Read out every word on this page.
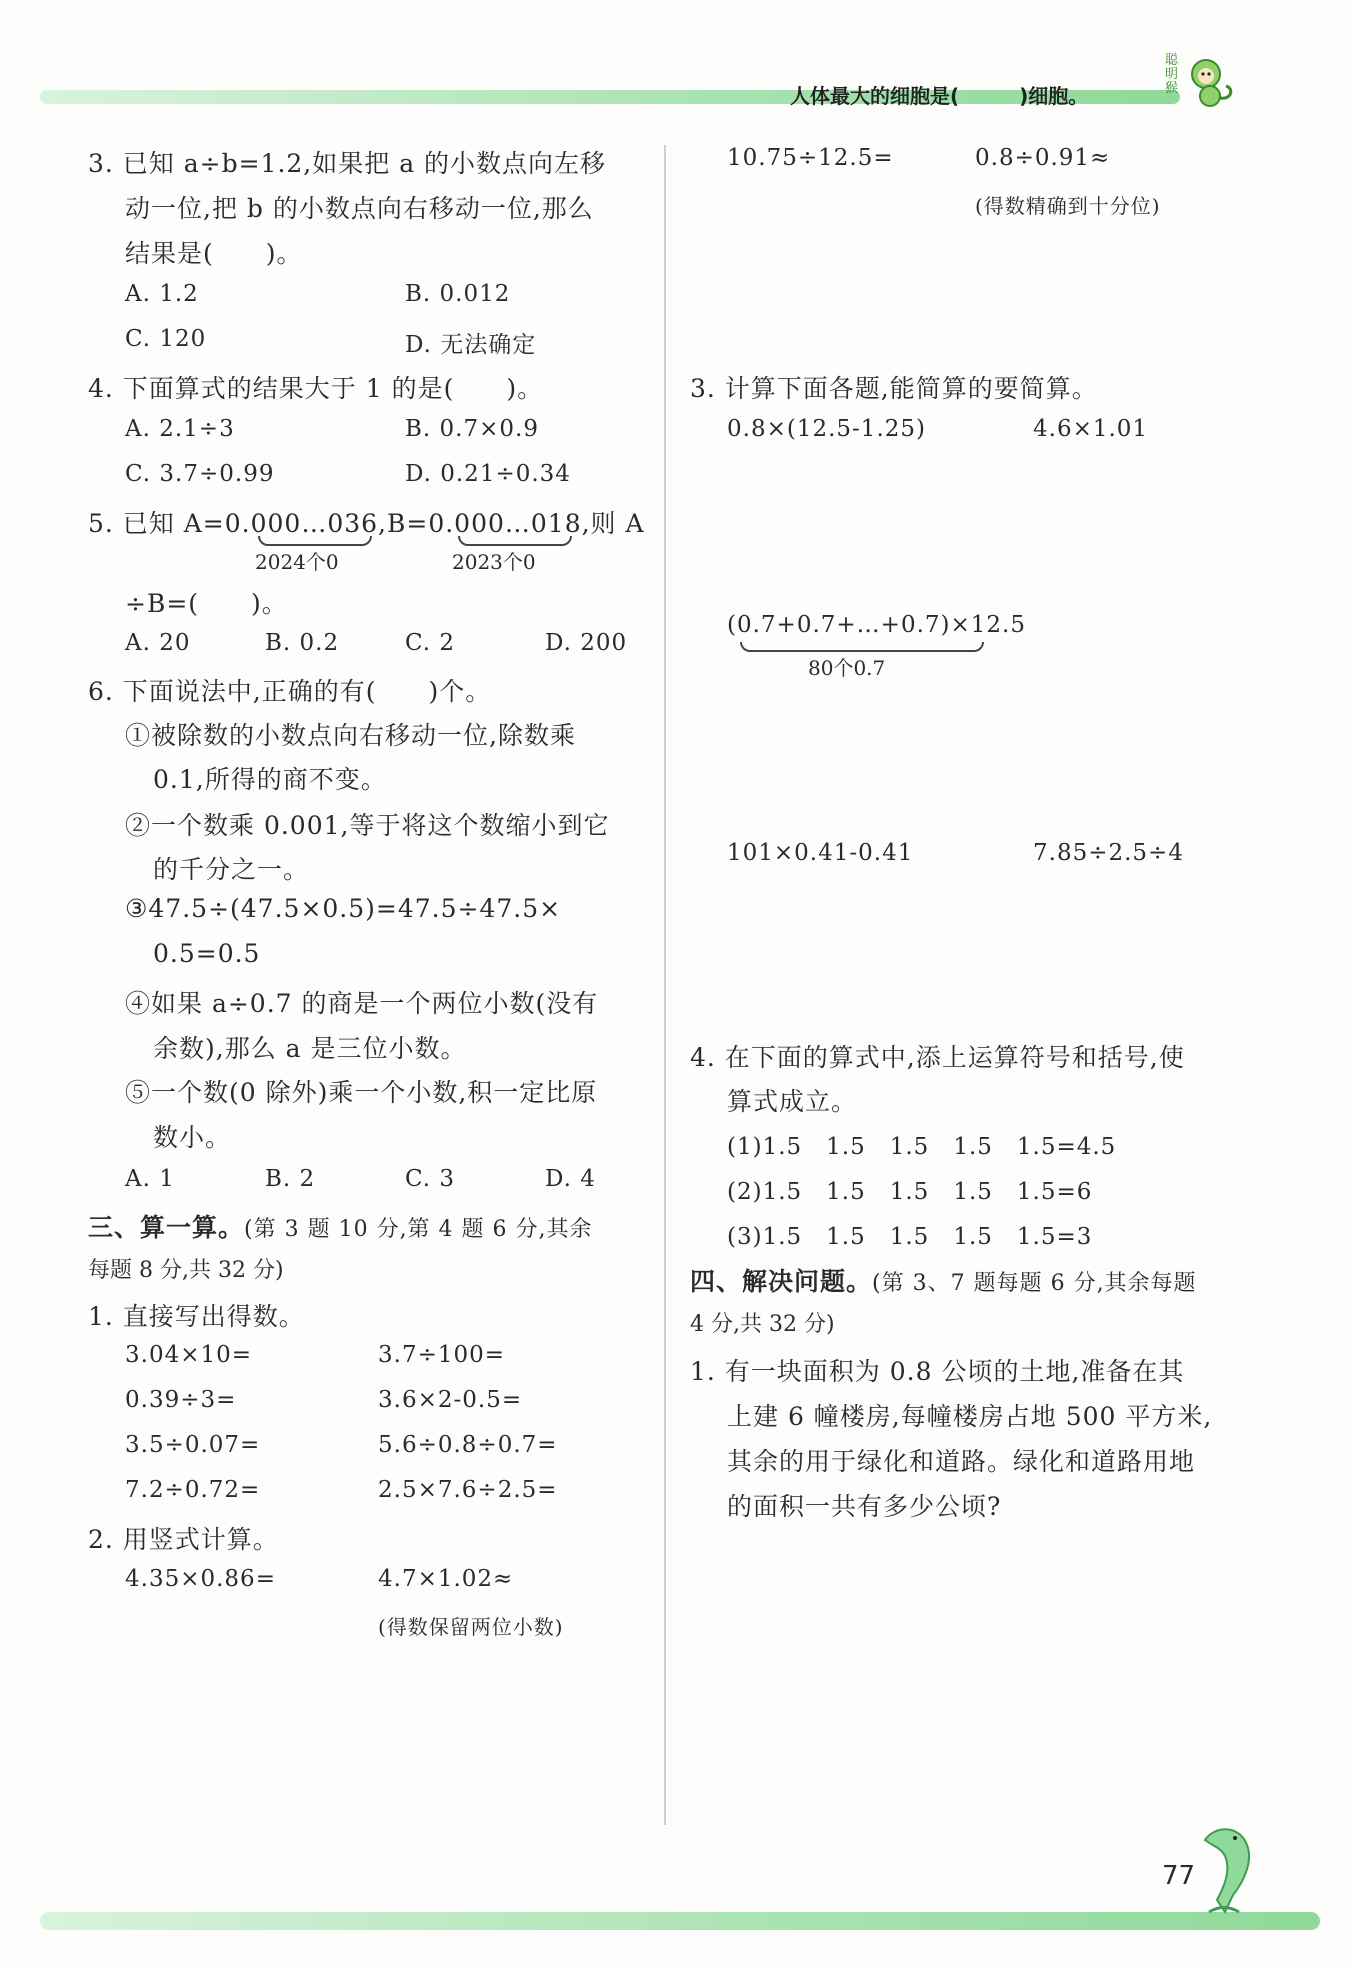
人体最大的细胞是(　　　)细胞。
聪
明
猴
3. 已知 a÷b=1.2,如果把 a 的小数点向左移
动一位,把 b 的小数点向右移动一位,那么
结果是(　　)。
A. 1.2	B. 0.012
C. 120	D. 无法确定
4. 下面算式的结果大于 1 的是(　　)。
A. 2.1÷3	B. 0.7×0.9
C. 3.7÷0.99	D. 0.21÷0.34
5. 已知 A=0.000…036,B=0.000…018,则 A
2024个0	2023个0
÷B=(　　)。
A. 20	B. 0.2	C. 2	D. 200
6. 下面说法中,正确的有(　　)个。
①被除数的小数点向右移动一位,除数乘
0.1,所得的商不变。
②一个数乘 0.001,等于将这个数缩小到它
的千分之一。
③47.5÷(47.5×0.5)=47.5÷47.5×
0.5=0.5
④如果 a÷0.7 的商是一个两位小数(没有
余数),那么 a 是三位小数。
⑤一个数(0 除外)乘一个小数,积一定比原
数小。
A. 1	B. 2	C. 3	D. 4
三、算一算。(第 3 题 10 分,第 4 题 6 分,其余
每题 8 分,共 32 分)
1. 直接写出得数。
3.04×10=	3.7÷100=
0.39÷3=	3.6×2-0.5=
3.5÷0.07=	5.6÷0.8÷0.7=
7.2÷0.72=	2.5×7.6÷2.5=
2. 用竖式计算。
4.35×0.86=	4.7×1.02≈
(得数保留两位小数)
10.75÷12.5=	0.8÷0.91≈
(得数精确到十分位)
3. 计算下面各题,能简算的要简算。
0.8×(12.5-1.25)	4.6×1.01
(0.7+0.7+…+0.7)×12.5
80个0.7
101×0.41-0.41	7.85÷2.5÷4
4. 在下面的算式中,添上运算符号和括号,使
算式成立。
(1)1.5　1.5　1.5　1.5　1.5=4.5
(2)1.5　1.5　1.5　1.5　1.5=6
(3)1.5　1.5　1.5　1.5　1.5=3
四、解决问题。(第 3、7 题每题 6 分,其余每题
4 分,共 32 分)
1. 有一块面积为 0.8 公顷的土地,准备在其
上建 6 幢楼房,每幢楼房占地 500 平方米,
其余的用于绿化和道路。绿化和道路用地
的面积一共有多少公顷?
77
